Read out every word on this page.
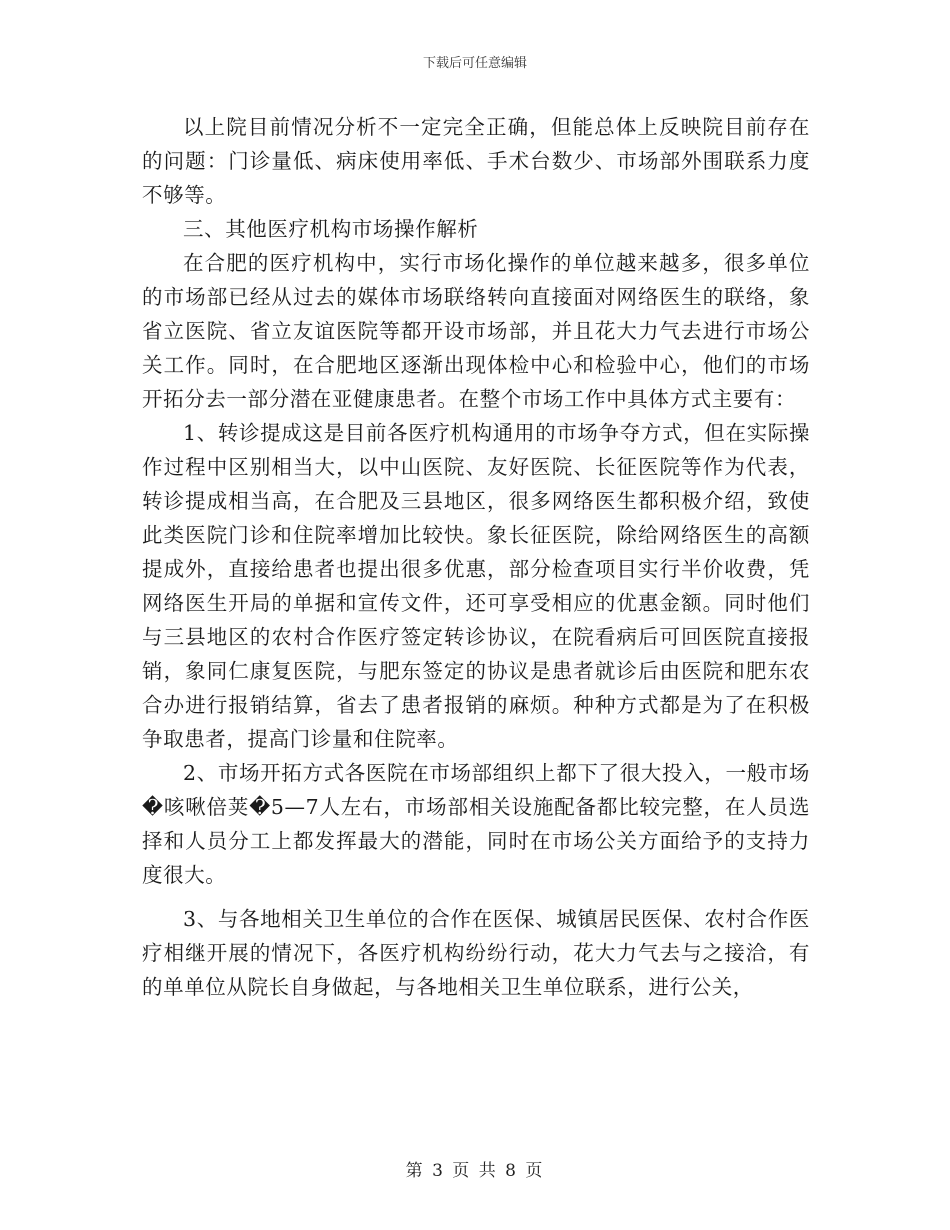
下载后可任意编辑

以上院目前情况分析不一定完全正确，但能总体上反映院目前存在的问题：门诊量低、病床使用率低、手术台数少、市场部外围联系力度不够等。

三、其他医疗机构市场操作解析

在合肥的医疗机构中，实行市场化操作的单位越来越多，很多单位的市场部已经从过去的媒体市场联络转向直接面对网络医生的联络，象省立医院、省立友谊医院等都开设市场部，并且花大力气去进行市场公关工作。同时，在合肥地区逐渐出现体检中心和检验中心，他们的市场开拓分去一部分潜在亚健康患者。在整个市场工作中具体方式主要有：

1、转诊提成这是目前各医疗机构通用的市场争夺方式，但在实际操作过程中区别相当大，以中山医院、友好医院、长征医院等作为代表，转诊提成相当高，在合肥及三县地区，很多网络医生都积极介绍，致使此类医院门诊和住院率增加比较快。象长征医院，除给网络医生的高额提成外，直接给患者也提出很多优惠，部分检查项目实行半价收费，凭网络医生开局的单据和宣传文件，还可享受相应的优惠金额。同时他们与三县地区的农村合作医疗签定转诊协议，在院看病后可回医院直接报销，象同仁康复医院，与肥东签定的协议是患者就诊后由医院和肥东农合办进行报销结算，省去了患者报销的麻烦。种种方式都是为了在积极争取患者，提高门诊量和住院率。

2、市场开拓方式各医院在市场部组织上都下了很大投入，一般市场�咳啾倍荚�5—7人左右，市场部相关设施配备都比较完整，在人员选择和人员分工上都发挥最大的潜能，同时在市场公关方面给予的支持力度很大。

3、与各地相关卫生单位的合作在医保、城镇居民医保、农村合作医疗相继开展的情况下，各医疗机构纷纷行动，花大力气去与之接洽，有的单单位从院长自身做起，与各地相关卫生单位联系，进行公关，

第 3 页 共 8 页
